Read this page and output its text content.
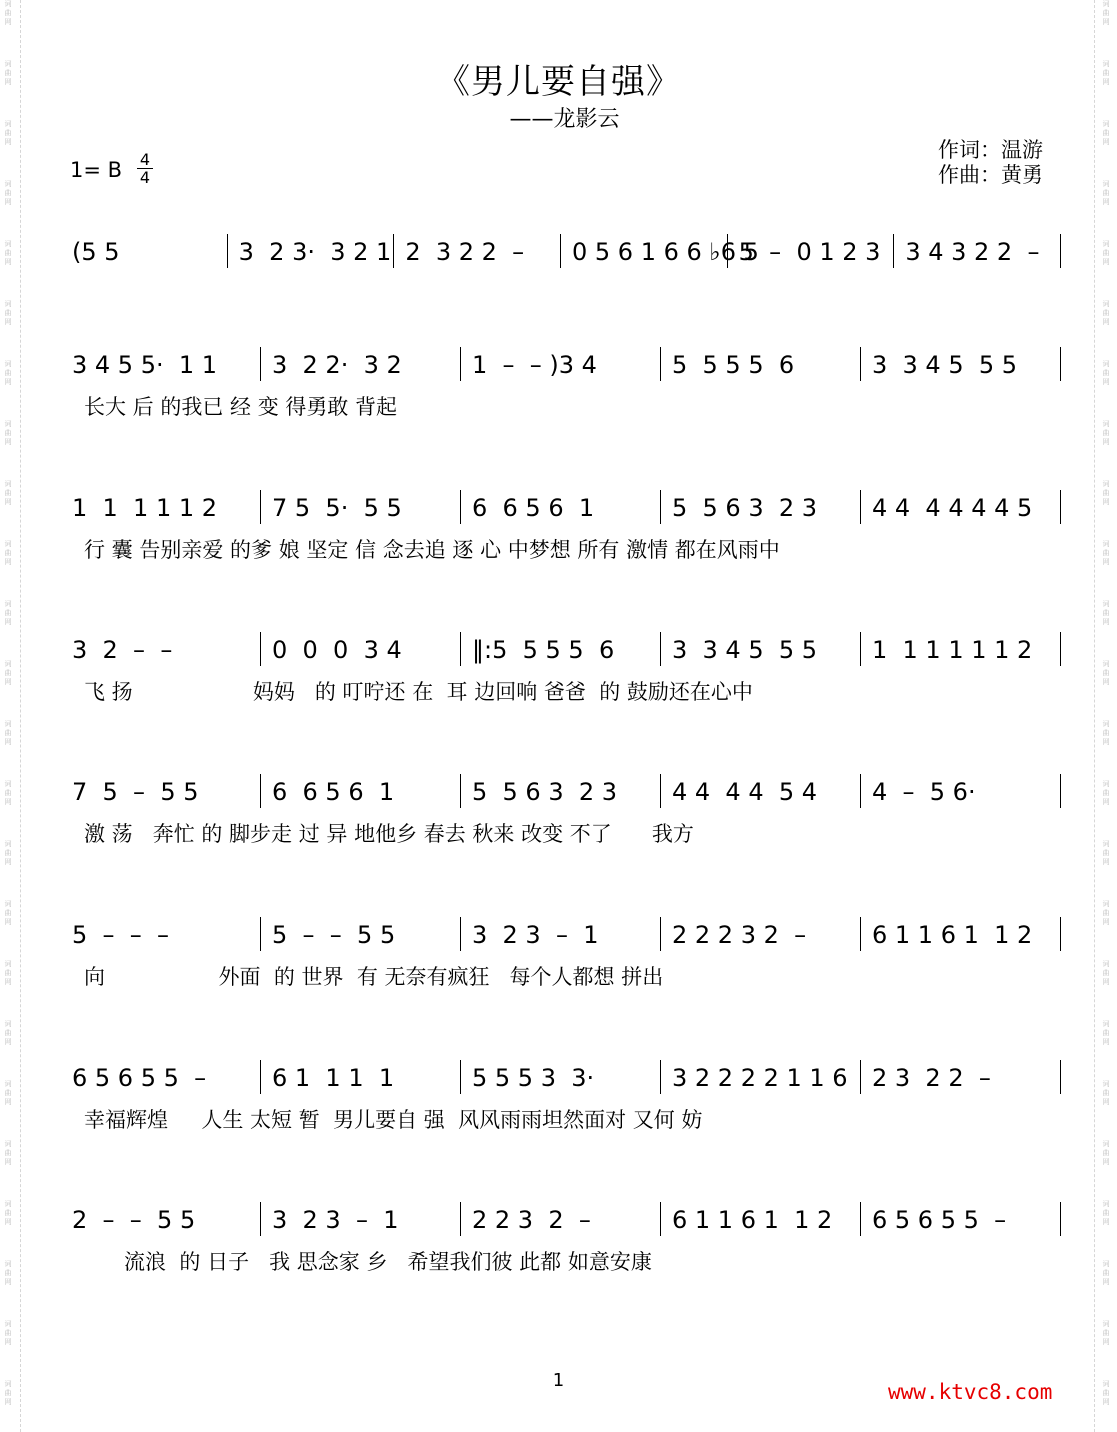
词
曲
网
词
曲
网
词
曲
网
词
曲
网
词
曲
网
词
曲
网
词
曲
网
词
曲
网
词
曲
网
词
曲
网
词
曲
网
词
曲
网
词
曲
网
词
曲
网
词
曲
网
词
曲
网
词
曲
网
词
曲
网
词
曲
网
词
曲
网
词
曲
网
词
曲
网
词
曲
网
词
曲
网
词
曲
网
词
曲
网
词
曲
网
词
曲
网
词
曲
网
词
曲
网
词
曲
网
词
曲
网
词
曲
网
词
曲
网
词
曲
网
词
曲
网
词
曲
网
词
曲
网
词
曲
网
词
曲
网
词
曲
网
词
曲
网
词
曲
网
词
曲
网
词
曲
网
词
曲
网
词
曲
网
词
曲
网
《男儿要自强》
——龙影云
作词：温游
作曲：黄勇
1= B 4
4
(5 5	3  2 3·  3 2 1 2  3 2 2  –	0 5 6 1 6 6 ♭6 5
5  –  0 1 2 3	3 4 3 2 2  –
3 4 5 5·  1 1	3  2 2·  3 2	1  –  – )3 4	5  5 5 5  6	3  3 4 5  5 5
长大 后 的我已 经 变 得勇敢 背起
1  1  1 1 1 2	7 5  5·  5 5	6  6 5 6  1	5  5 6 3  2 3	4 4  4 4 4 4 5
行 囊 告别亲爱 的爹 娘 坚定 信 念去追 逐 心 中梦想 所有 激情 都在风雨中
3  2  –  –	0  0  0  3 4	‖:5  5 5 5  6	3  3 4 5  5 5	1  1 1 1 1 1 2
飞 扬                  妈妈   的 叮咛还 在  耳 边回响 爸爸  的 鼓励还在心中
7  5  –  5 5	6  6 5 6  1	5  5 6 3  2 3	4 4  4 4  5 4	4  –  5 6·
激 荡   奔忙 的 脚步走 过 异 地他乡 春去 秋来 改变 不了      我方
5  –  –  –	5  –  –  5 5	3  2 3  –  1	2 2 2 3 2  –	6 1 1 6 1  1 2
向                 外面  的 世界  有 无奈有疯狂   每个人都想 拼出
6 5 6 5 5  –	6 1  1 1  1	5 5 5 3  3·	3 2 2 2 2 1 1 6	2 3  2 2  –
幸福辉煌     人生 太短 暂  男儿要自 强  风风雨雨坦然面对 又何 妨
2  –  –  5 5	3  2 3  –  1	2 2 3  2  –	6 1 1 6 1  1 2	6 5 6 5 5  –
流浪  的 日子   我 思念家 乡   希望我们彼 此都 如意安康
1	www.ktvc8.com
